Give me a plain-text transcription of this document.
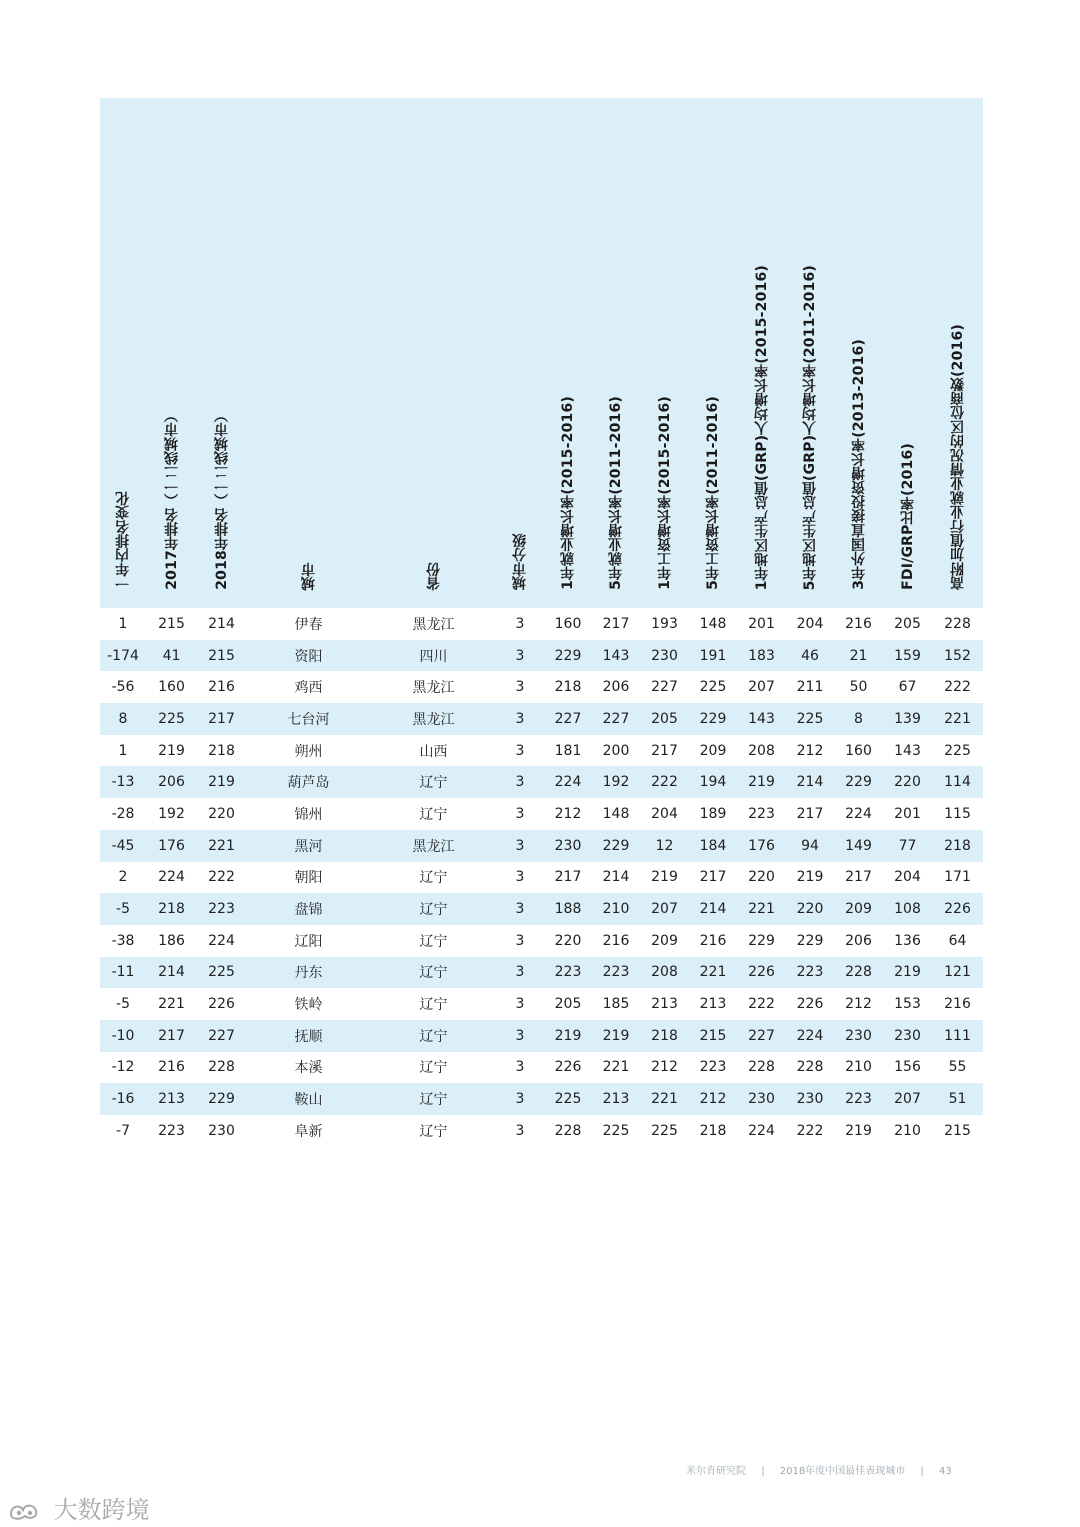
一年内排名变化	2017年排名（一二线城市）	2018年排名（一二线城市）	城市	省份	城市分级	1年就业增长率(2015-2016)	5年就业增长率(2011-2016)	1年工资增长率(2015-2016)	5年工资增长率(2011-2016)	1年地区生产总值(GRP)人均增长率(2015-2016)	5年地区生产总值(GRP)人均增长率(2011-2016)	3年外国直接投资增长率(2013-2016)	FDI/GRP比率(2016)	高附加值行业就业情况的区位商数(2016)

1	215	214	伊春	黑龙江	3	160	217	193	148	201	204	216	205	228
-174	41	215	资阳	四川	3	229	143	230	191	183	46	21	159	152
-56	160	216	鸡西	黑龙江	3	218	206	227	225	207	211	50	67	222
8	225	217	七台河	黑龙江	3	227	227	205	229	143	225	8	139	221
1	219	218	朔州	山西	3	181	200	217	209	208	212	160	143	225
-13	206	219	葫芦岛	辽宁	3	224	192	222	194	219	214	229	220	114
-28	192	220	锦州	辽宁	3	212	148	204	189	223	217	224	201	115
-45	176	221	黑河	黑龙江	3	230	229	12	184	176	94	149	77	218
2	224	222	朝阳	辽宁	3	217	214	219	217	220	219	217	204	171
-5	218	223	盘锦	辽宁	3	188	210	207	214	221	220	209	108	226
-38	186	224	辽阳	辽宁	3	220	216	209	216	229	229	206	136	64
-11	214	225	丹东	辽宁	3	223	223	208	221	226	223	228	219	121
-5	221	226	铁岭	辽宁	3	205	185	213	213	222	226	212	153	216
-10	217	227	抚顺	辽宁	3	219	219	218	215	227	224	230	230	111
-12	216	228	本溪	辽宁	3	226	221	212	223	228	228	210	156	55
-16	213	229	鞍山	辽宁	3	225	213	221	212	230	230	223	207	51
-7	223	230	阜新	辽宁	3	228	225	225	218	224	222	219	210	215
米尔肯研究院 | 2018年度中国最佳表现城市 | 43
大数跨境
